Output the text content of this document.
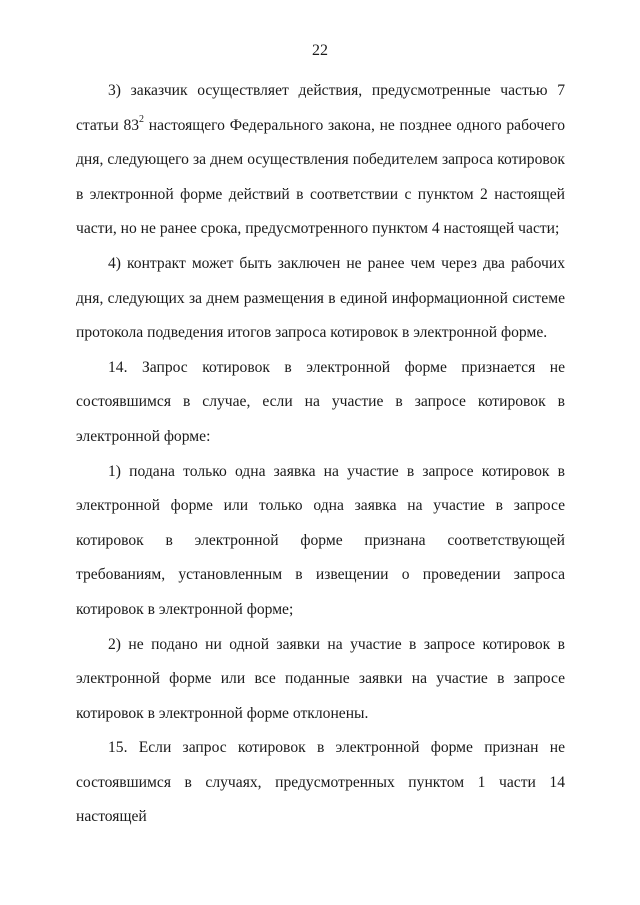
22

3) заказчик осуществляет действия, предусмотренные частью 7 статьи $83^2$ настоящего Федерального закона, не позднее одного рабочего дня, следующего за днем осуществления победителем запроса котировок в электронной форме действий в соответствии с пунктом 2 настоящей части, но не ранее срока, предусмотренного пунктом 4 настоящей части;

4) контракт может быть заключен не ранее чем через два рабочих дня, следующих за днем размещения в единой информационной системе протокола подведения итогов запроса котировок в электронной форме.

14. Запрос котировок в электронной форме признается не состоявшимся в случае, если на участие в запросе котировок в электронной форме:

1) подана только одна заявка на участие в запросе котировок в электронной форме или только одна заявка на участие в запросе котировок в электронной форме признана соответствующей требованиям, установленным в извещении о проведении запроса котировок в электронной форме;

2) не подано ни одной заявки на участие в запросе котировок в электронной форме или все поданные заявки на участие в запросе котировок в электронной форме отклонены.

15. Если запрос котировок в электронной форме признан не состоявшимся в случаях, предусмотренных пунктом 1 части 14 настоящей
